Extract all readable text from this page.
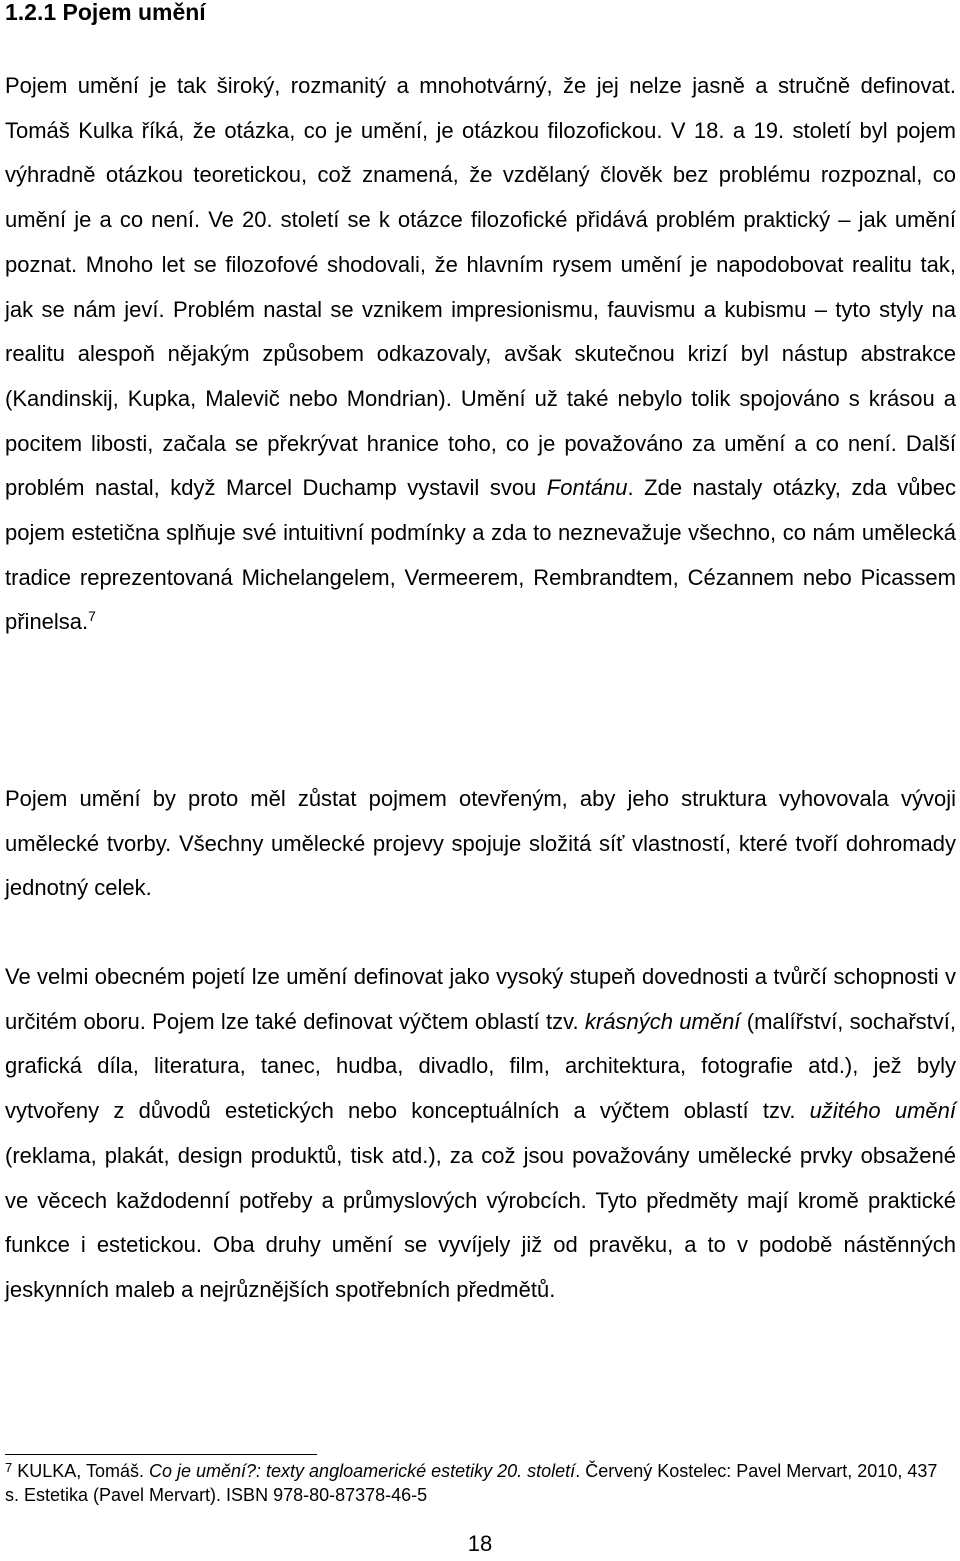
1.2.1 Pojem umění

Pojem umění je tak široký, rozmanitý a mnohotvárný, že jej nelze jasně a stručně definovat. Tomáš Kulka říká, že otázka, co je umění, je otázkou filozofickou. V 18. a 19. století byl pojem výhradně otázkou teoretickou, což znamená, že vzdělaný člověk bez problému rozpoznal, co umění je a co není. Ve 20. století se k otázce filozofické přidává problém praktický – jak umění poznat. Mnoho let se filozofové shodovali, že hlavním rysem umění je napodobovat realitu tak, jak se nám jeví. Problém nastal se vznikem impresionismu, fauvismu a kubismu – tyto styly na realitu alespoň nějakým způsobem odkazovaly, avšak skutečnou krizí byl nástup abstrakce (Kandinskij, Kupka, Malevič nebo Mondrian). Umění už také nebylo tolik spojováno s krásou a pocitem libosti, začala se překrývat hranice toho, co je považováno za umění a co není. Další problém nastal, když Marcel Duchamp vystavil svou Fontánu. Zde nastaly otázky, zda vůbec pojem estetična splňuje své intuitivní podmínky a zda to neznevažuje všechno, co nám umělecká tradice reprezentovaná Michelangelem, Vermeerem, Rembrandtem, Cézannem nebo Picassem přinelsa.$^7$

Pojem umění by proto měl zůstat pojmem otevřeným, aby jeho struktura vyhovovala vývoji umělecké tvorby. Všechny umělecké projevy spojuje složitá síť vlastností, které tvoří dohromady jednotný celek.

Ve velmi obecném pojetí lze umění definovat jako vysoký stupeň dovednosti a tvůrčí schopnosti v určitém oboru. Pojem lze také definovat výčtem oblastí tzv. krásných umění (malířství, sochařství, grafická díla, literatura, tanec, hudba, divadlo, film, architektura, fotografie atd.), jež byly vytvořeny z důvodů estetických nebo konceptuálních a výčtem oblastí tzv. užitého umění (reklama, plakát, design produktů, tisk atd.), za což jsou považovány umělecké prvky obsažené ve věcech každodenní potřeby a průmyslových výrobcích. Tyto předměty mají kromě praktické funkce i estetickou. Oba druhy umění se vyvíjely již od pravěku, a to v podobě nástěnných jeskynních maleb a nejrůznějších spotřebních předmětů.

$^7$ KULKA, Tomáš. Co je umění?: texty angloamerické estetiky 20. století. Červený Kostelec: Pavel Mervart, 2010, 437 s. Estetika (Pavel Mervart). ISBN 978-80-87378-46-5

18
